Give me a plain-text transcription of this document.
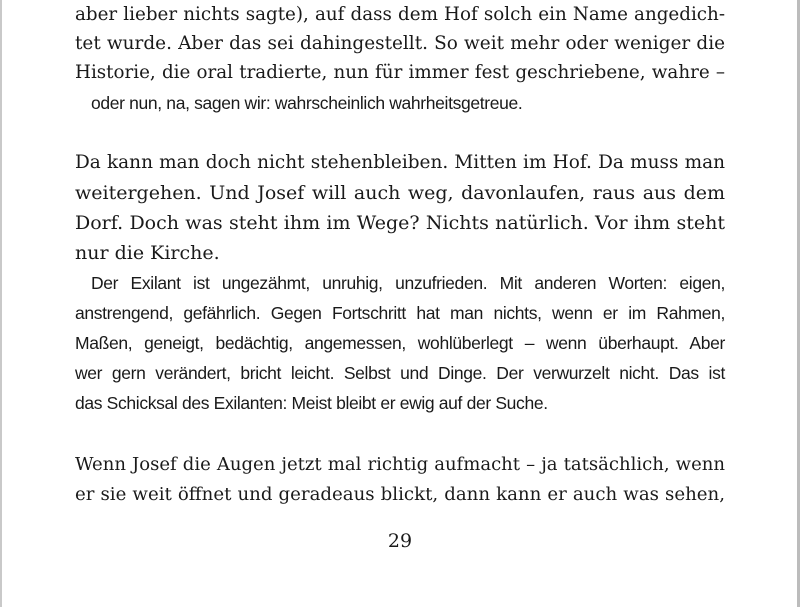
aber lieber nichts sagte), auf dass dem Hof solch ein Name angedich-
tet wurde. Aber das sei dahingestellt. So weit mehr oder weniger die
Historie, die oral tradierte, nun für immer fest geschriebene, wahre –
oder nun, na, sagen wir: wahrscheinlich wahrheitsgetreue.
Da kann man doch nicht stehenbleiben. Mitten im Hof. Da muss man
weitergehen. Und Josef will auch weg, davonlaufen, raus aus dem
Dorf. Doch was steht ihm im Wege? Nichts natürlich. Vor ihm steht
nur die Kirche.
Der Exilant ist ungezähmt, unruhig, unzufrieden. Mit anderen Worten: eigen,
anstrengend, gefährlich. Gegen Fortschritt hat man nichts, wenn er im Rahmen,
Maßen, geneigt, bedächtig, angemessen, wohlüberlegt – wenn überhaupt. Aber
wer gern verändert, bricht leicht. Selbst und Dinge. Der verwurzelt nicht. Das ist
das Schicksal des Exilanten: Meist bleibt er ewig auf der Suche.
Wenn Josef die Augen jetzt mal richtig aufmacht – ja tatsächlich, wenn
er sie weit öffnet und geradeaus blickt, dann kann er auch was sehen,
29
